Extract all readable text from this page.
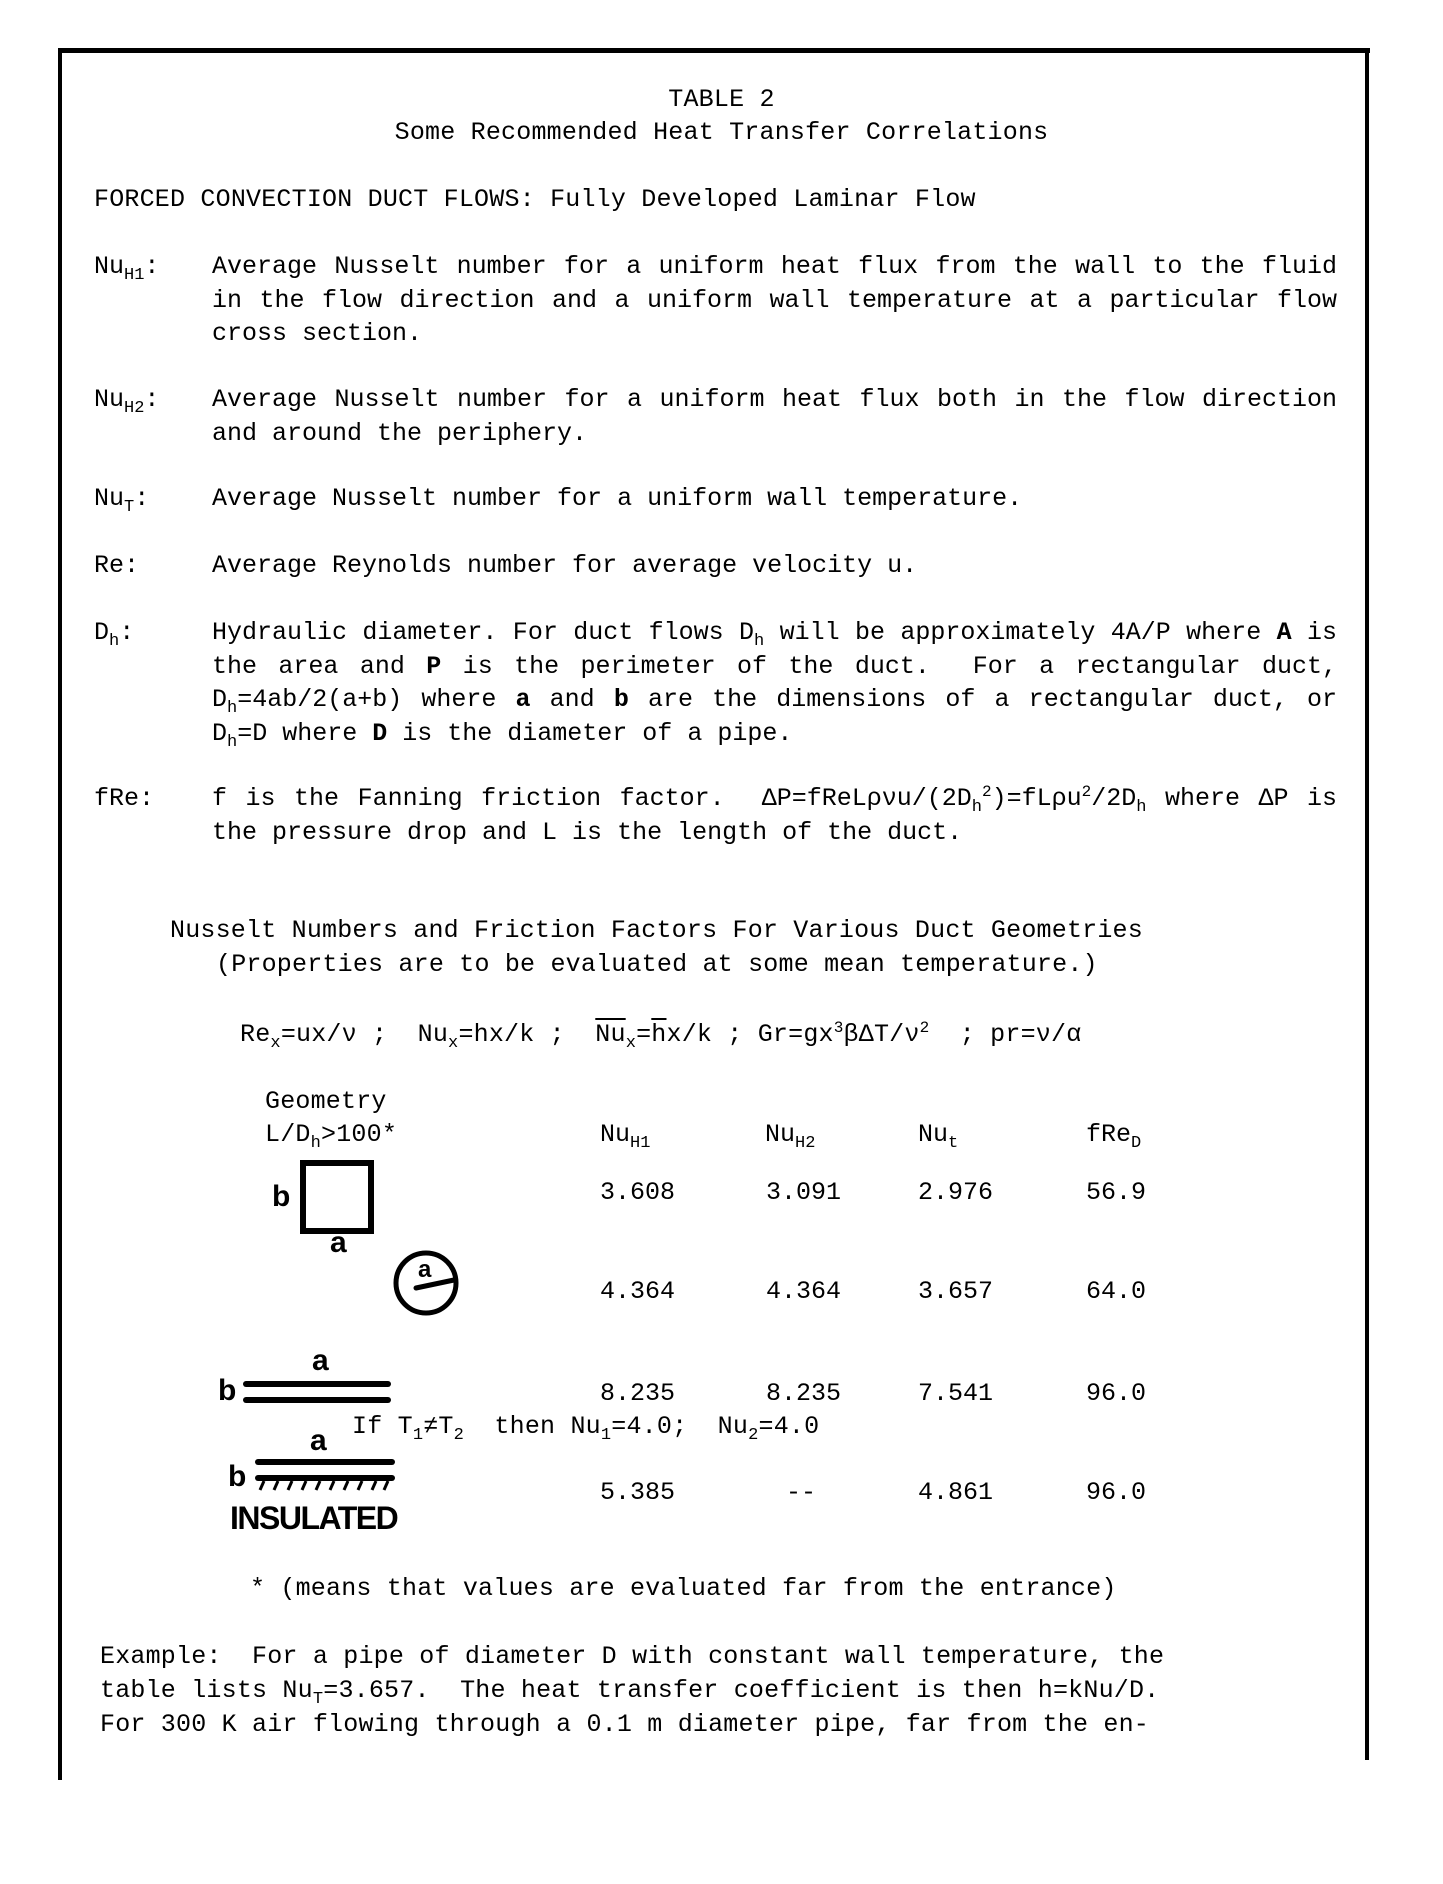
TABLE 2
Some Recommended Heat Transfer Correlations
FORCED CONVECTION DUCT FLOWS: Fully Developed Laminar Flow
$Nu_{H1}$: Average Nusselt number for a uniform heat flux from the wall to the fluid in the flow direction and a uniform wall temperature at a particular flow cross section.
$Nu_{H2}$: Average Nusselt number for a uniform heat flux both in the flow direction and around the periphery.
$Nu_T$:	Average Nusselt number for a uniform wall temperature.
Re:	Average Reynolds number for average velocity u.
$D_h$:	Hydraulic diameter. For duct flows $D_h$ will be approximately 4A/P where A is the area and P is the perimeter of the duct.  For a rectangular duct, $D_h=4ab/2(a+b)$ where a and b are the dimensions of a rectangular duct, or $D_h=D$ where D is the diameter of a pipe.
fRe: f is the Fanning friction factor.  $\Delta P=fReL\rho\nu u/(2D_h^2)=fL\rho u^2/2D_h$ where ΔP is the pressure drop and L is the length of the duct.
Nusselt Numbers and Friction Factors For Various Duct Geometries
(Properties are to be evaluated at some mean temperature.)
$Re_x=ux/\nu$ ;  $Nu_x=hx/k$ ;  $\overline{Nu}_x=\overline{h}x/k$ ; $Gr=gx^3\beta\Delta T/\nu^2$  ; pr=ν/α
Geometry
$L/D_h>100*$	$Nu_{H1}$	$Nu_{H2}$	$Nu_t$	fRe$_D$
b
a
3.608	3.091	2.976	56.9
a
4.364	4.364	3.657	64.0
a
b	8.235	8.235	7.541	96.0
If $T_1\ne T_2$  then $Nu_1=4.0$;  $Nu_2=4.0$
a
b
INSULATED
5.385	--	4.861	96.0
* (means that values are evaluated far from the entrance)
Example:  For a pipe of diameter D with constant wall temperature, the
table lists $Nu_T=3.657$.  The heat transfer coefficient is then h=kNu/D.
For 300 K air flowing through a 0.1 m diameter pipe, far from the en-
